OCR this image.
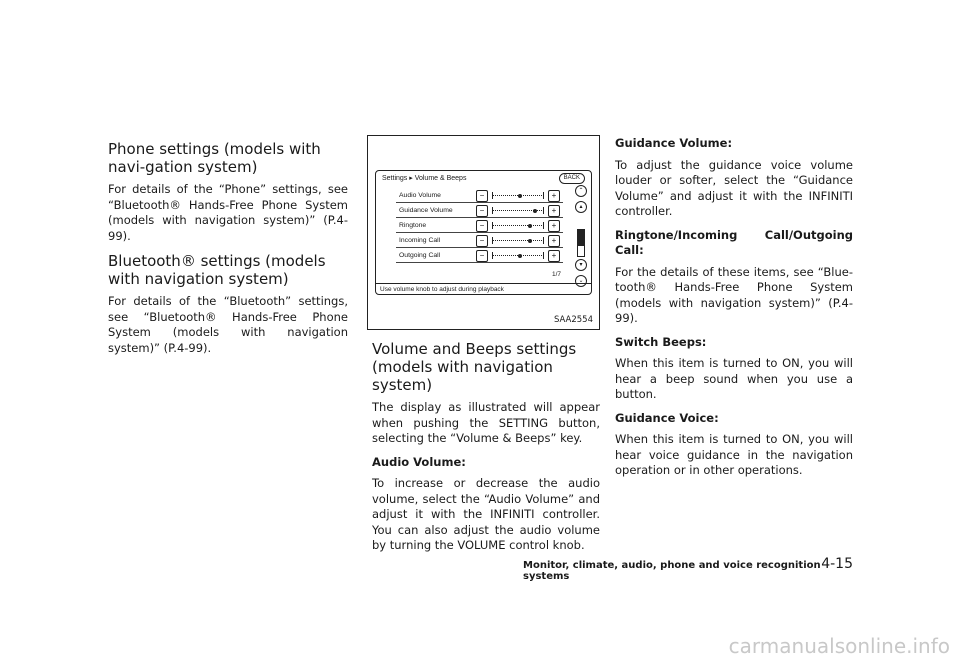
Phone settings (models with navi-gation system)

For details of the “Phone” settings, see “Bluetooth® Hands-Free Phone System (models with navigation system)” (P.4-99).

Bluetooth® settings (models with navigation system)

For details of the “Bluetooth” settings, see “Bluetooth® Hands-Free Phone System (models with navigation system)” (P.4-99).

Settings ▸ Volume & Beeps	BACK
Audio Volume	−	+
Guidance Volume	−	+
Ringtone	−	+
Incoming Call	−	+
Outgoing Call	−	+
⌃
▴
▾
⌄
1/7
Use volume knob to adjust during playback
SAA2554
Volume and Beeps settings (models with navigation system)

The display as illustrated will appear when pushing the SETTING button, selecting the “Volume & Beeps” key.

Audio Volume:

To increase or decrease the audio volume, select the “Audio Volume” and adjust it with the INFINITI controller. You can also adjust the audio volume by turning the VOLUME control knob.

Guidance Volume:

To adjust the guidance voice volume louder or softer, select the “Guidance Volume” and adjust it with the INFINITI controller.

Ringtone/Incoming Call/Outgoing Call:

For the details of these items, see “Blue-tooth® Hands-Free Phone System (models with navigation system)” (P.4-99).

Switch Beeps:

When this item is turned to ON, you will hear a beep sound when you use a button.

Guidance Voice:

When this item is turned to ON, you will hear voice guidance in the navigation operation or in other operations.

Monitor, climate, audio, phone and voice recognition systems
4-15
carmanualsonline.info
